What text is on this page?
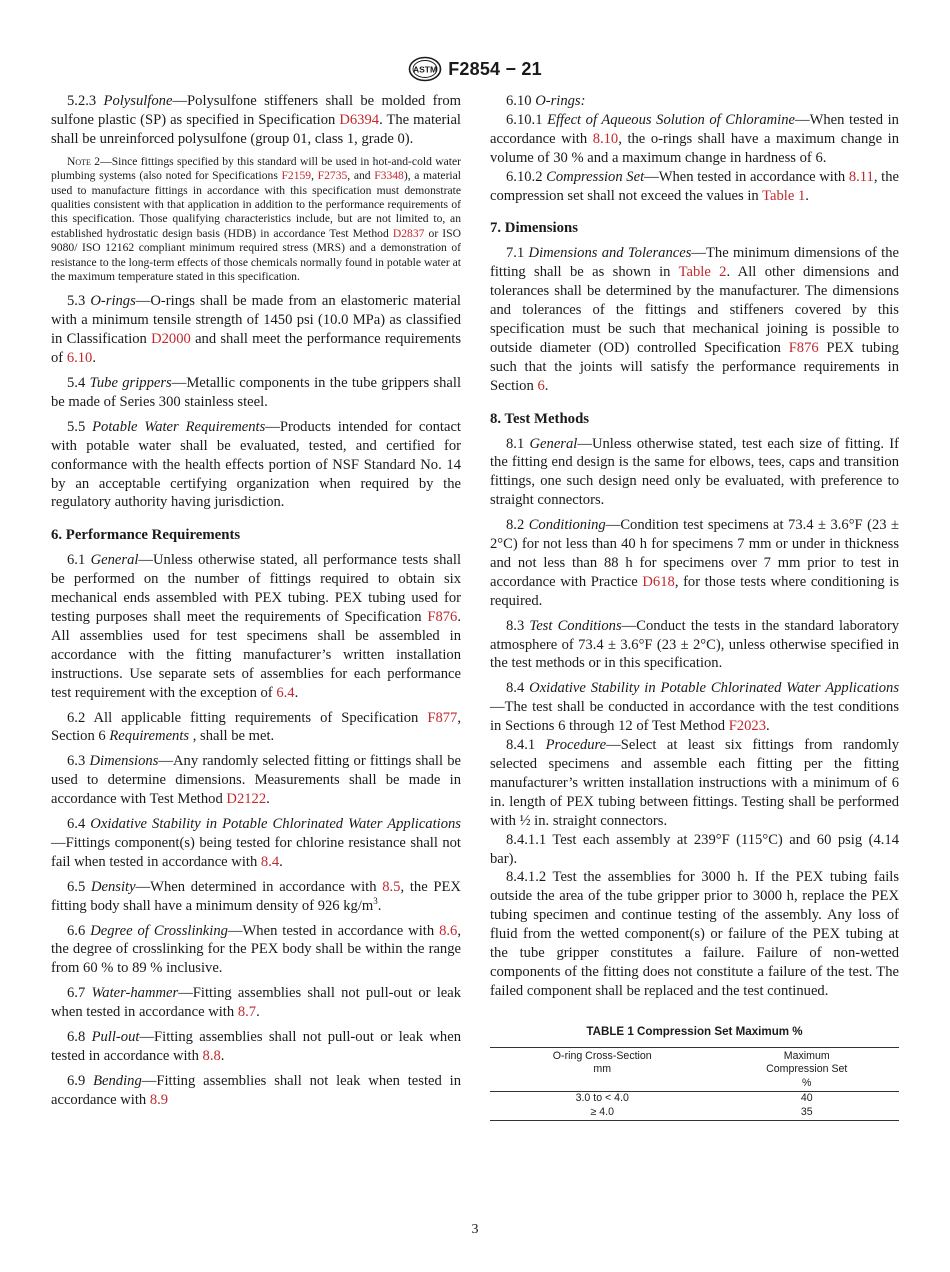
ASTM F2854 − 21

5.2.3 Polysulfone—Polysulfone stiffeners shall be molded from sulfone plastic (SP) as specified in Specification D6394. The material shall be unreinforced polysulfone (group 01, class 1, grade 0).

Note 2—Since fittings specified by this standard will be used in hot-and-cold water plumbing systems (also noted for Specifications F2159, F2735, and F3348), a material used to manufacture fittings in accordance with this specification must demonstrate qualities consistent with that application in addition to the performance requirements of this specification. Those qualifying characteristics include, but are not limited to, an established hydrostatic design basis (HDB) in accordance Test Method D2837 or ISO 9080/ ISO 12162 compliant minimum required stress (MRS) and a demonstration of resistance to the long-term effects of those chemicals normally found in potable water at the maximum temperature stated in this specification.

5.3 O-rings—O-rings shall be made from an elastomeric material with a minimum tensile strength of 1450 psi (10.0 MPa) as classified in Classification D2000 and shall meet the performance requirements of 6.10.

5.4 Tube grippers—Metallic components in the tube grippers shall be made of Series 300 stainless steel.

5.5 Potable Water Requirements—Products intended for contact with potable water shall be evaluated, tested, and certified for conformance with the health effects portion of NSF Standard No. 14 by an acceptable certifying organization when required by the regulatory authority having jurisdiction.

6. Performance Requirements

6.1 General—Unless otherwise stated, all performance tests shall be performed on the number of fittings required to obtain six mechanical ends assembled with PEX tubing. PEX tubing used for testing purposes shall meet the requirements of Specification F876. All assemblies used for test specimens shall be assembled in accordance with the fitting manufacturer’s written installation instructions. Use separate sets of assemblies for each performance test requirement with the exception of 6.4.

6.2 All applicable fitting requirements of Specification F877, Section 6 Requirements , shall be met.

6.3 Dimensions—Any randomly selected fitting or fittings shall be used to determine dimensions. Measurements shall be made in accordance with Test Method D2122.

6.4 Oxidative Stability in Potable Chlorinated Water Applications—Fittings component(s) being tested for chlorine resistance shall not fail when tested in accordance with 8.4.

6.5 Density—When determined in accordance with 8.5, the PEX fitting body shall have a minimum density of 926 $kg/m^3$.

6.6 Degree of Crosslinking—When tested in accordance with 8.6, the degree of crosslinking for the PEX body shall be within the range from 60 % to 89 % inclusive.

6.7 Water-hammer—Fitting assemblies shall not pull-out or leak when tested in accordance with 8.7.

6.8 Pull-out—Fitting assemblies shall not pull-out or leak when tested in accordance with 8.8.

6.9 Bending—Fitting assemblies shall not leak when tested in accordance with 8.9

6.10 O-rings:

6.10.1 Effect of Aqueous Solution of Chloramine—When tested in accordance with 8.10, the o-rings shall have a maximum change in volume of 30 % and a maximum change in hardness of 6.

6.10.2 Compression Set—When tested in accordance with 8.11, the compression set shall not exceed the values in Table 1.

7. Dimensions

7.1 Dimensions and Tolerances—The minimum dimensions of the fitting shall be as shown in Table 2. All other dimensions and tolerances shall be determined by the manufacturer. The dimensions and tolerances of the fittings and stiffeners covered by this specification must be such that mechanical joining is possible to outside diameter (OD) controlled Specification F876 PEX tubing such that the joints will satisfy the performance requirements in Section 6.

8. Test Methods

8.1 General—Unless otherwise stated, test each size of fitting. If the fitting end design is the same for elbows, tees, caps and transition fittings, one such design need only be evaluated, with preference to straight connectors.

8.2 Conditioning—Condition test specimens at 73.4 ± 3.6°F (23 ± 2°C) for not less than 40 h for specimens 7 mm or under in thickness and not less than 88 h for specimens over 7 mm prior to test in accordance with Practice D618, for those tests where conditioning is required.

8.3 Test Conditions—Conduct the tests in the standard laboratory atmosphere of 73.4 ± 3.6°F (23 ± 2°C), unless otherwise specified in the test methods or in this specification.

8.4 Oxidative Stability in Potable Chlorinated Water Applications—The test shall be conducted in accordance with the test conditions in Sections 6 through 12 of Test Method F2023.

8.4.1 Procedure—Select at least six fittings from randomly selected specimens and assemble each fitting per the fitting manufacturer’s written installation instructions with a minimum of 6 in. length of PEX tubing between fittings. Testing shall be performed with ½ in. straight connectors.

8.4.1.1 Test each assembly at 239°F (115°C) and 60 psig (4.14 bar).

8.4.1.2 Test the assemblies for 3000 h. If the PEX tubing fails outside the area of the tube gripper prior to 3000 h, replace the PEX tubing specimen and continue testing of the assembly. Any loss of fluid from the wetted component(s) or failure of the PEX tubing at the tube gripper constitutes a failure. Failure of non-wetted components of the fitting does not constitute a failure of the test. The failed component shall be replaced and the test continued.

TABLE 1 Compression Set Maximum %
O-ring Cross-Section
mm	Maximum
Compression Set
%
3.0 to < 4.0	40
≥ 4.0	35
3
